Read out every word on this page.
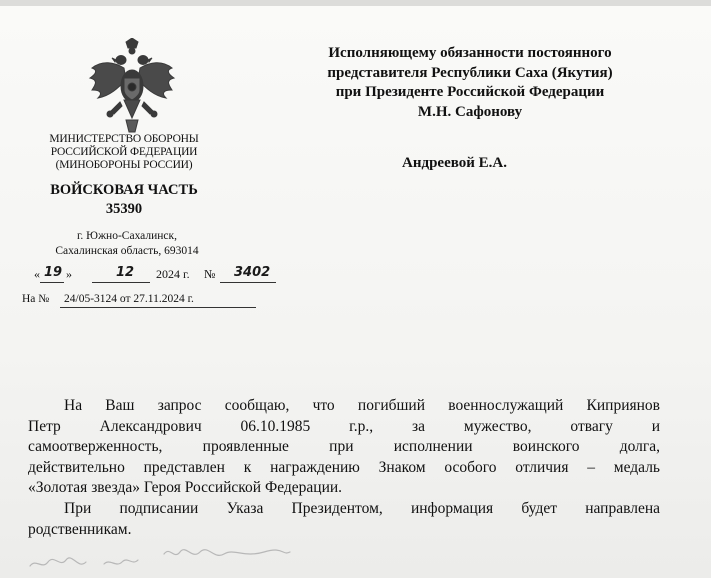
МИНИСТЕРСТВО ОБОРОНЫ
РОССИЙСКОЙ ФЕДЕРАЦИИ
(МИНОБОРОНЫ РОССИИ)
ВОЙСКОВАЯ ЧАСТЬ
35390
г. Южно-Сахалинск,
Сахалинская область, 693014
« 19 »	12 2024 г. № 3402
На № 24/05-3124 от 27.11.2024 г.
Исполняющему обязанности постоянного
представителя Республики Саха (Якутия)
при Президенте Российской Федерации
М.Н. Сафонову
Андреевой Е.А.

На Ваш запрос сообщаю, что погибший военнослужащий Киприянов

Петр Александрович 06.10.1985 г.р., за мужество, отвагу и

самоотверженность, проявленные при исполнении воинского долга,

действительно представлен к награждению Знаком особого отличия – медаль

«Золотая звезда» Героя Российской Федерации.

При подписании Указа Президентом, информация будет направлена

родственникам.
